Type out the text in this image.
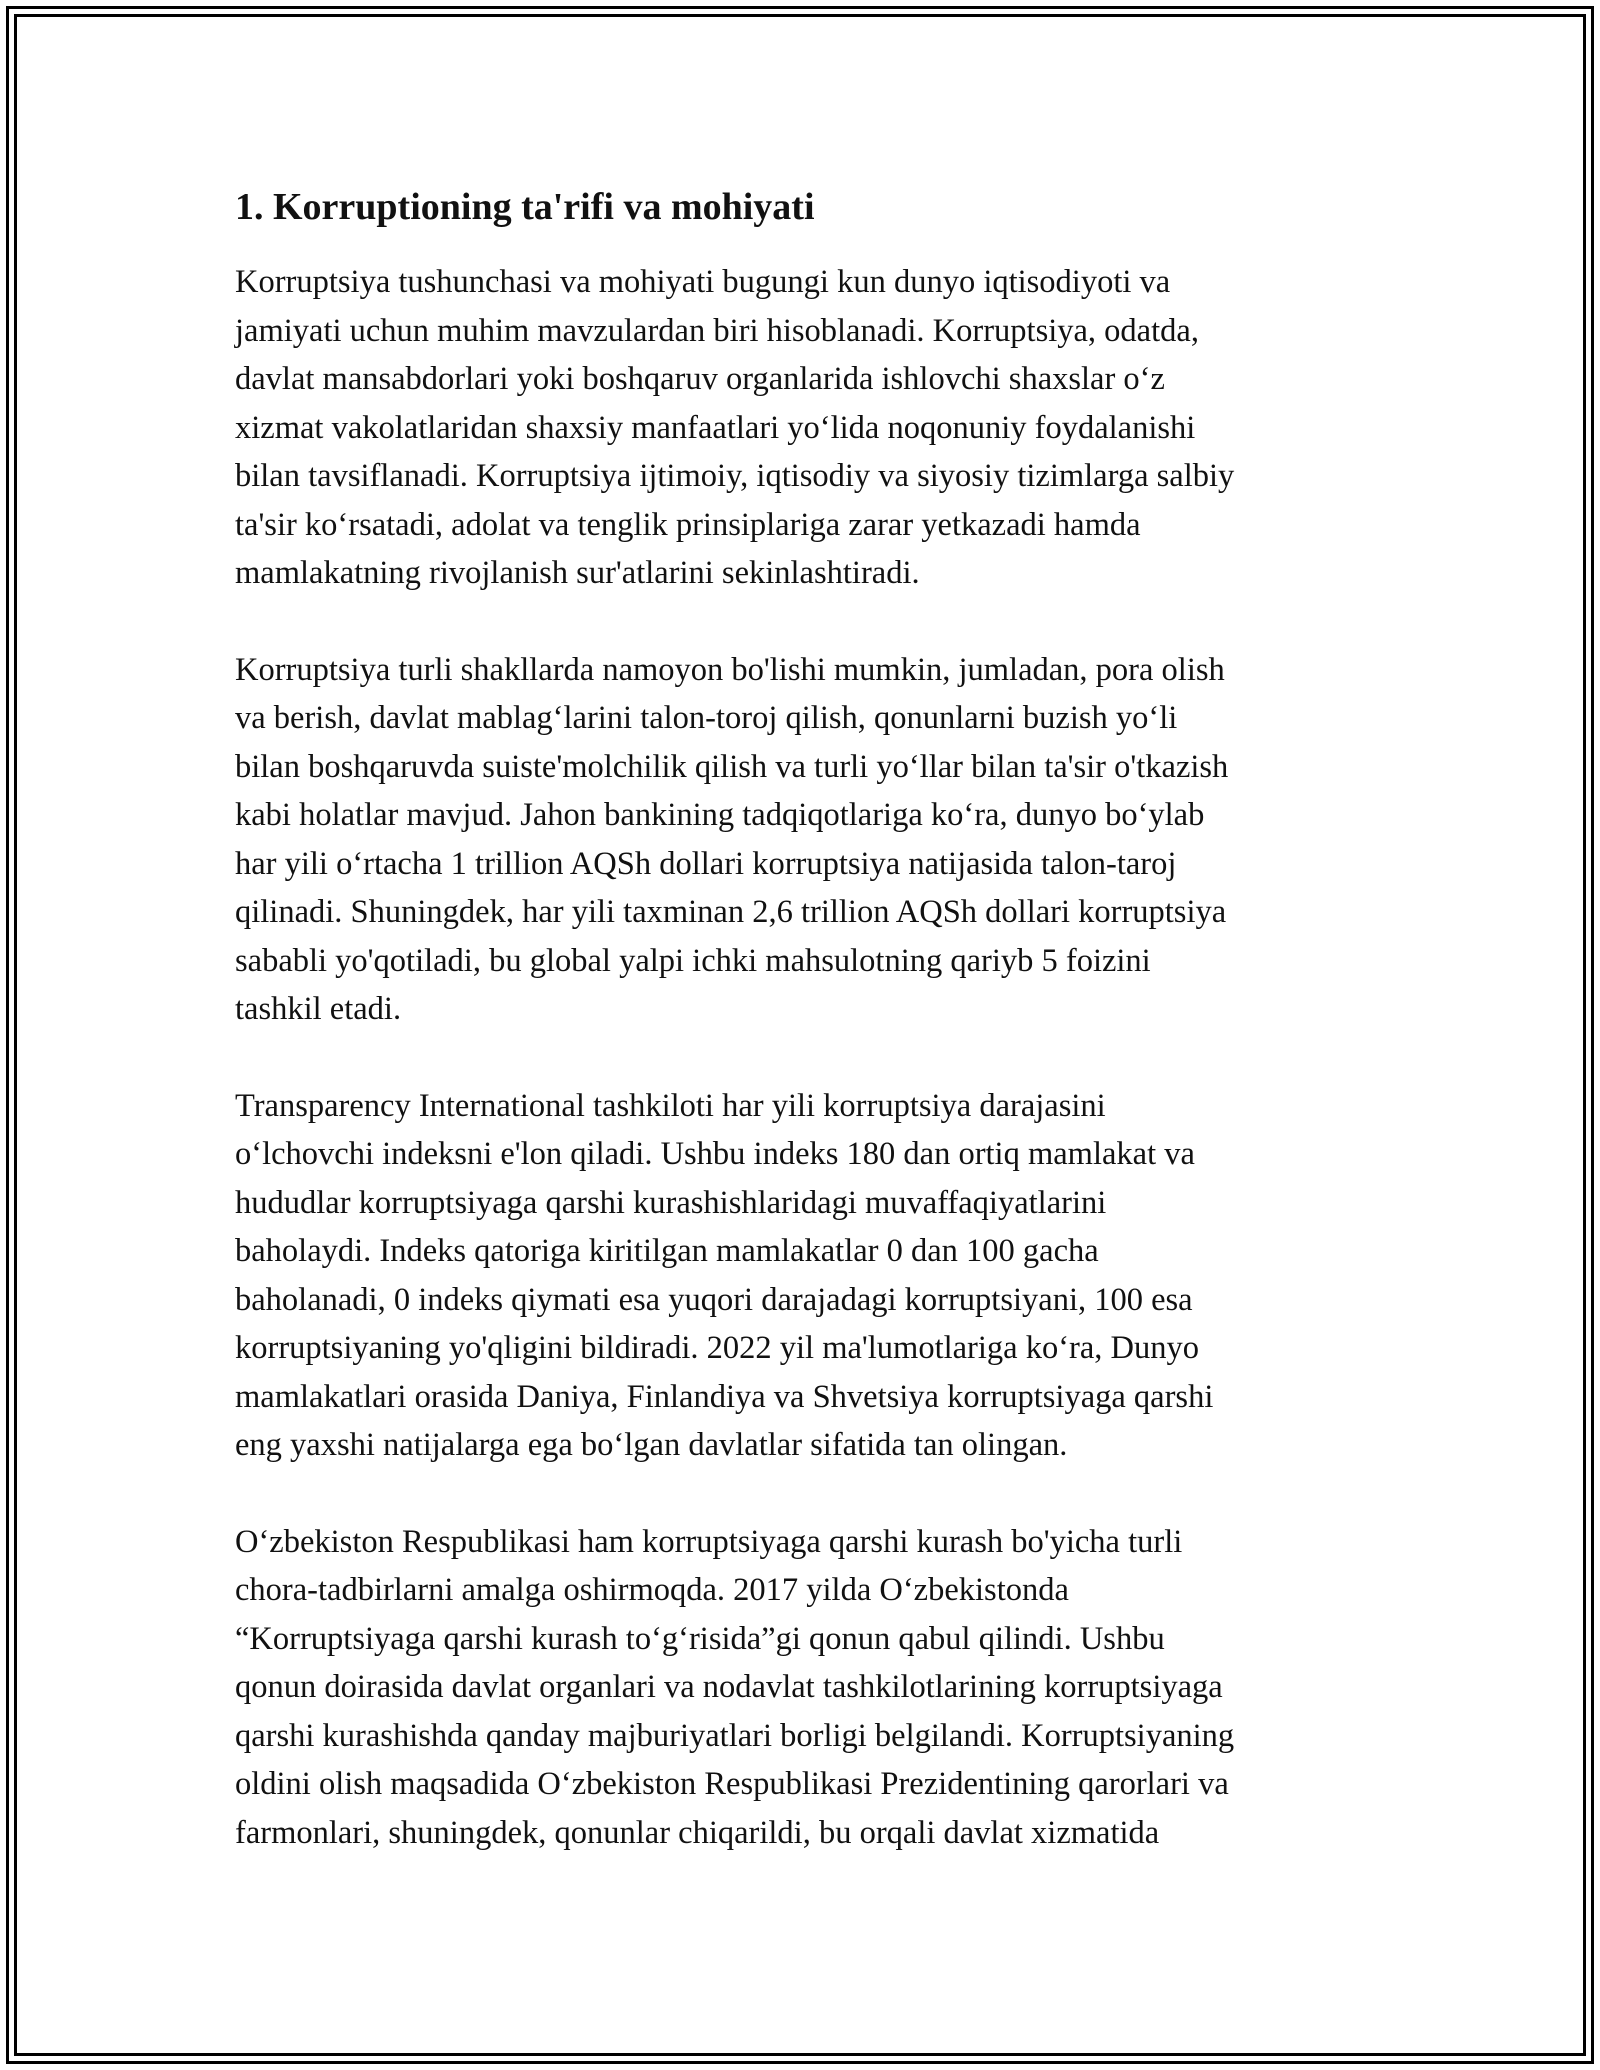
1. Korruptioning ta'rifi va mohiyati

Korruptsiya tushunchasi va mohiyati bugungi kun dunyo iqtisodiyoti va
jamiyati uchun muhim mavzulardan biri hisoblanadi. Korruptsiya, odatda,
davlat mansabdorlari yoki boshqaruv organlarida ishlovchi shaxslar oʻz
xizmat vakolatlaridan shaxsiy manfaatlari yoʻlida noqonuniy foydalanishi
bilan tavsiflanadi. Korruptsiya ijtimoiy, iqtisodiy va siyosiy tizimlarga salbiy
ta'sir koʻrsatadi, adolat va tenglik prinsiplariga zarar yetkazadi hamda
mamlakatning rivojlanish sur'atlarini sekinlashtiradi.

Korruptsiya turli shakllarda namoyon bo'lishi mumkin, jumladan, pora olish
va berish, davlat mablagʻlarini talon-toroj qilish, qonunlarni buzish yoʻli
bilan boshqaruvda suiste'molchilik qilish va turli yoʻllar bilan ta'sir o'tkazish
kabi holatlar mavjud. Jahon bankining tadqiqotlariga koʻra, dunyo boʻylab
har yili oʻrtacha 1 trillion AQSh dollari korruptsiya natijasida talon-taroj
qilinadi. Shuningdek, har yili taxminan 2,6 trillion AQSh dollari korruptsiya
sababli yo'qotiladi, bu global yalpi ichki mahsulotning qariyb 5 foizini
tashkil etadi.

Transparency International tashkiloti har yili korruptsiya darajasini
oʻlchovchi indeksni e'lon qiladi. Ushbu indeks 180 dan ortiq mamlakat va
hududlar korruptsiyaga qarshi kurashishlaridagi muvaffaqiyatlarini
baholaydi. Indeks qatoriga kiritilgan mamlakatlar 0 dan 100 gacha
baholanadi, 0 indeks qiymati esa yuqori darajadagi korruptsiyani, 100 esa
korruptsiyaning yo'qligini bildiradi. 2022 yil ma'lumotlariga koʻra, Dunyo
mamlakatlari orasida Daniya, Finlandiya va Shvetsiya korruptsiyaga qarshi
eng yaxshi natijalarga ega boʻlgan davlatlar sifatida tan olingan.

Oʻzbekiston Respublikasi ham korruptsiyaga qarshi kurash bo'yicha turli
chora-tadbirlarni amalga oshirmoqda. 2017 yilda Oʻzbekistonda
“Korruptsiyaga qarshi kurash toʻgʻrisida”gi qonun qabul qilindi. Ushbu
qonun doirasida davlat organlari va nodavlat tashkilotlarining korruptsiyaga
qarshi kurashishda qanday majburiyatlari borligi belgilandi. Korruptsiyaning
oldini olish maqsadida Oʻzbekiston Respublikasi Prezidentining qarorlari va
farmonlari, shuningdek, qonunlar chiqarildi, bu orqali davlat xizmatida
